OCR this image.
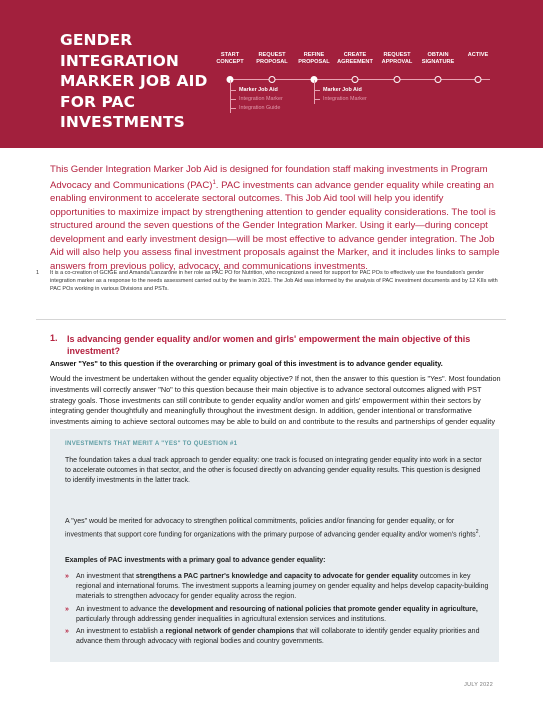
GENDER
INTEGRATION
MARKER JOB AID
FOR PAC
INVESTMENTS
START
CONCEPT
REQUEST
PROPOSAL
REFINE
PROPOSAL
CREATE
AGREEMENT
REQUEST
APPROVAL
OBTAIN
SIGNATURE
ACTIVE
Marker Job Aid
Integration Marker
Integration Guide
Marker Job Aid
Integration Marker

This Gender Integration Marker Job Aid is designed for foundation staff making investments in Program Advocacy and Communications (PAC)$^1$. PAC investments can advance gender equality while creating an enabling environment to accelerate sectoral outcomes. This Job Aid tool will help you identify opportunities to maximize impact by strengthening attention to gender equality considerations. The tool is structured around the seven questions of the Gender Integration Marker. Using it early—during concept development and early investment design—will be most effective to advance gender integration. The Job Aid will also help you assess final investment proposals against the Marker, and it includes links to sample answers from previous policy, advocacy, and communications investments.

1	It is a co-creation of GCfGE and Amanda Lanzarone in her role as PAC PO for Nutrition, who recognized a need for support for PAC POs to effectively use the foundation's gender integration marker as a response to the needs assessment carried out by the team in 2021. The Job Aid was informed by the analysis of PAC investment documents and by 12 KIIs with PAC POs working in various Divisions and PSTs.
1. Is advancing gender equality and/or women and girls' empowerment the main objective of this investment?
Answer "Yes" to this question if the overarching or primary goal of this investment is to advance gender equality.

Would the investment be undertaken without the gender equality objective? If not, then the answer to this question is "Yes". Most foundation investments will correctly answer "No" to this question because their main objective is to advance sectoral outcomes aligned with PST strategy goals. Those investments can still contribute to gender equality and/or women and girls' empowerment within their sectors by integrating gender thoughtfully and meaningfully throughout the investment design. In addition, gender intentional or transformative investments aiming to achieve sectoral outcomes may be able to build on and contribute to the results and partnerships of gender equality

INVESTMENTS THAT MERIT A "YES" TO QUESTION #1

The foundation takes a dual track approach to gender equality: one track is focused on integrating gender equality into work in a sector to accelerate outcomes in that sector, and the other is focused directly on advancing gender equality results. This question is designed to identify investments in the latter track.

A "yes" would be merited for advocacy to strengthen political commitments, policies and/or financing for gender equality, or for investments that support core funding for organizations with the primary purpose of advancing gender equality and/or women's rights$^2$.

Examples of PAC investments with a primary goal to advance gender equality:
» An investment that strengthens a PAC partner's knowledge and capacity to advocate for gender equality outcomes in key regional and international forums. The investment supports a learning journey on gender equality and helps develop capacity-building materials to strengthen advocacy for gender equality across the region.
» An investment to advance the development and resourcing of national policies that promote gender equality in agriculture, particularly through addressing gender inequalities in agricultural extension services and institutions.
» An investment to establish a regional network of gender champions that will collaborate to identify gender equality priorities and advance them through advocacy with regional bodies and country governments.
JULY 2022
